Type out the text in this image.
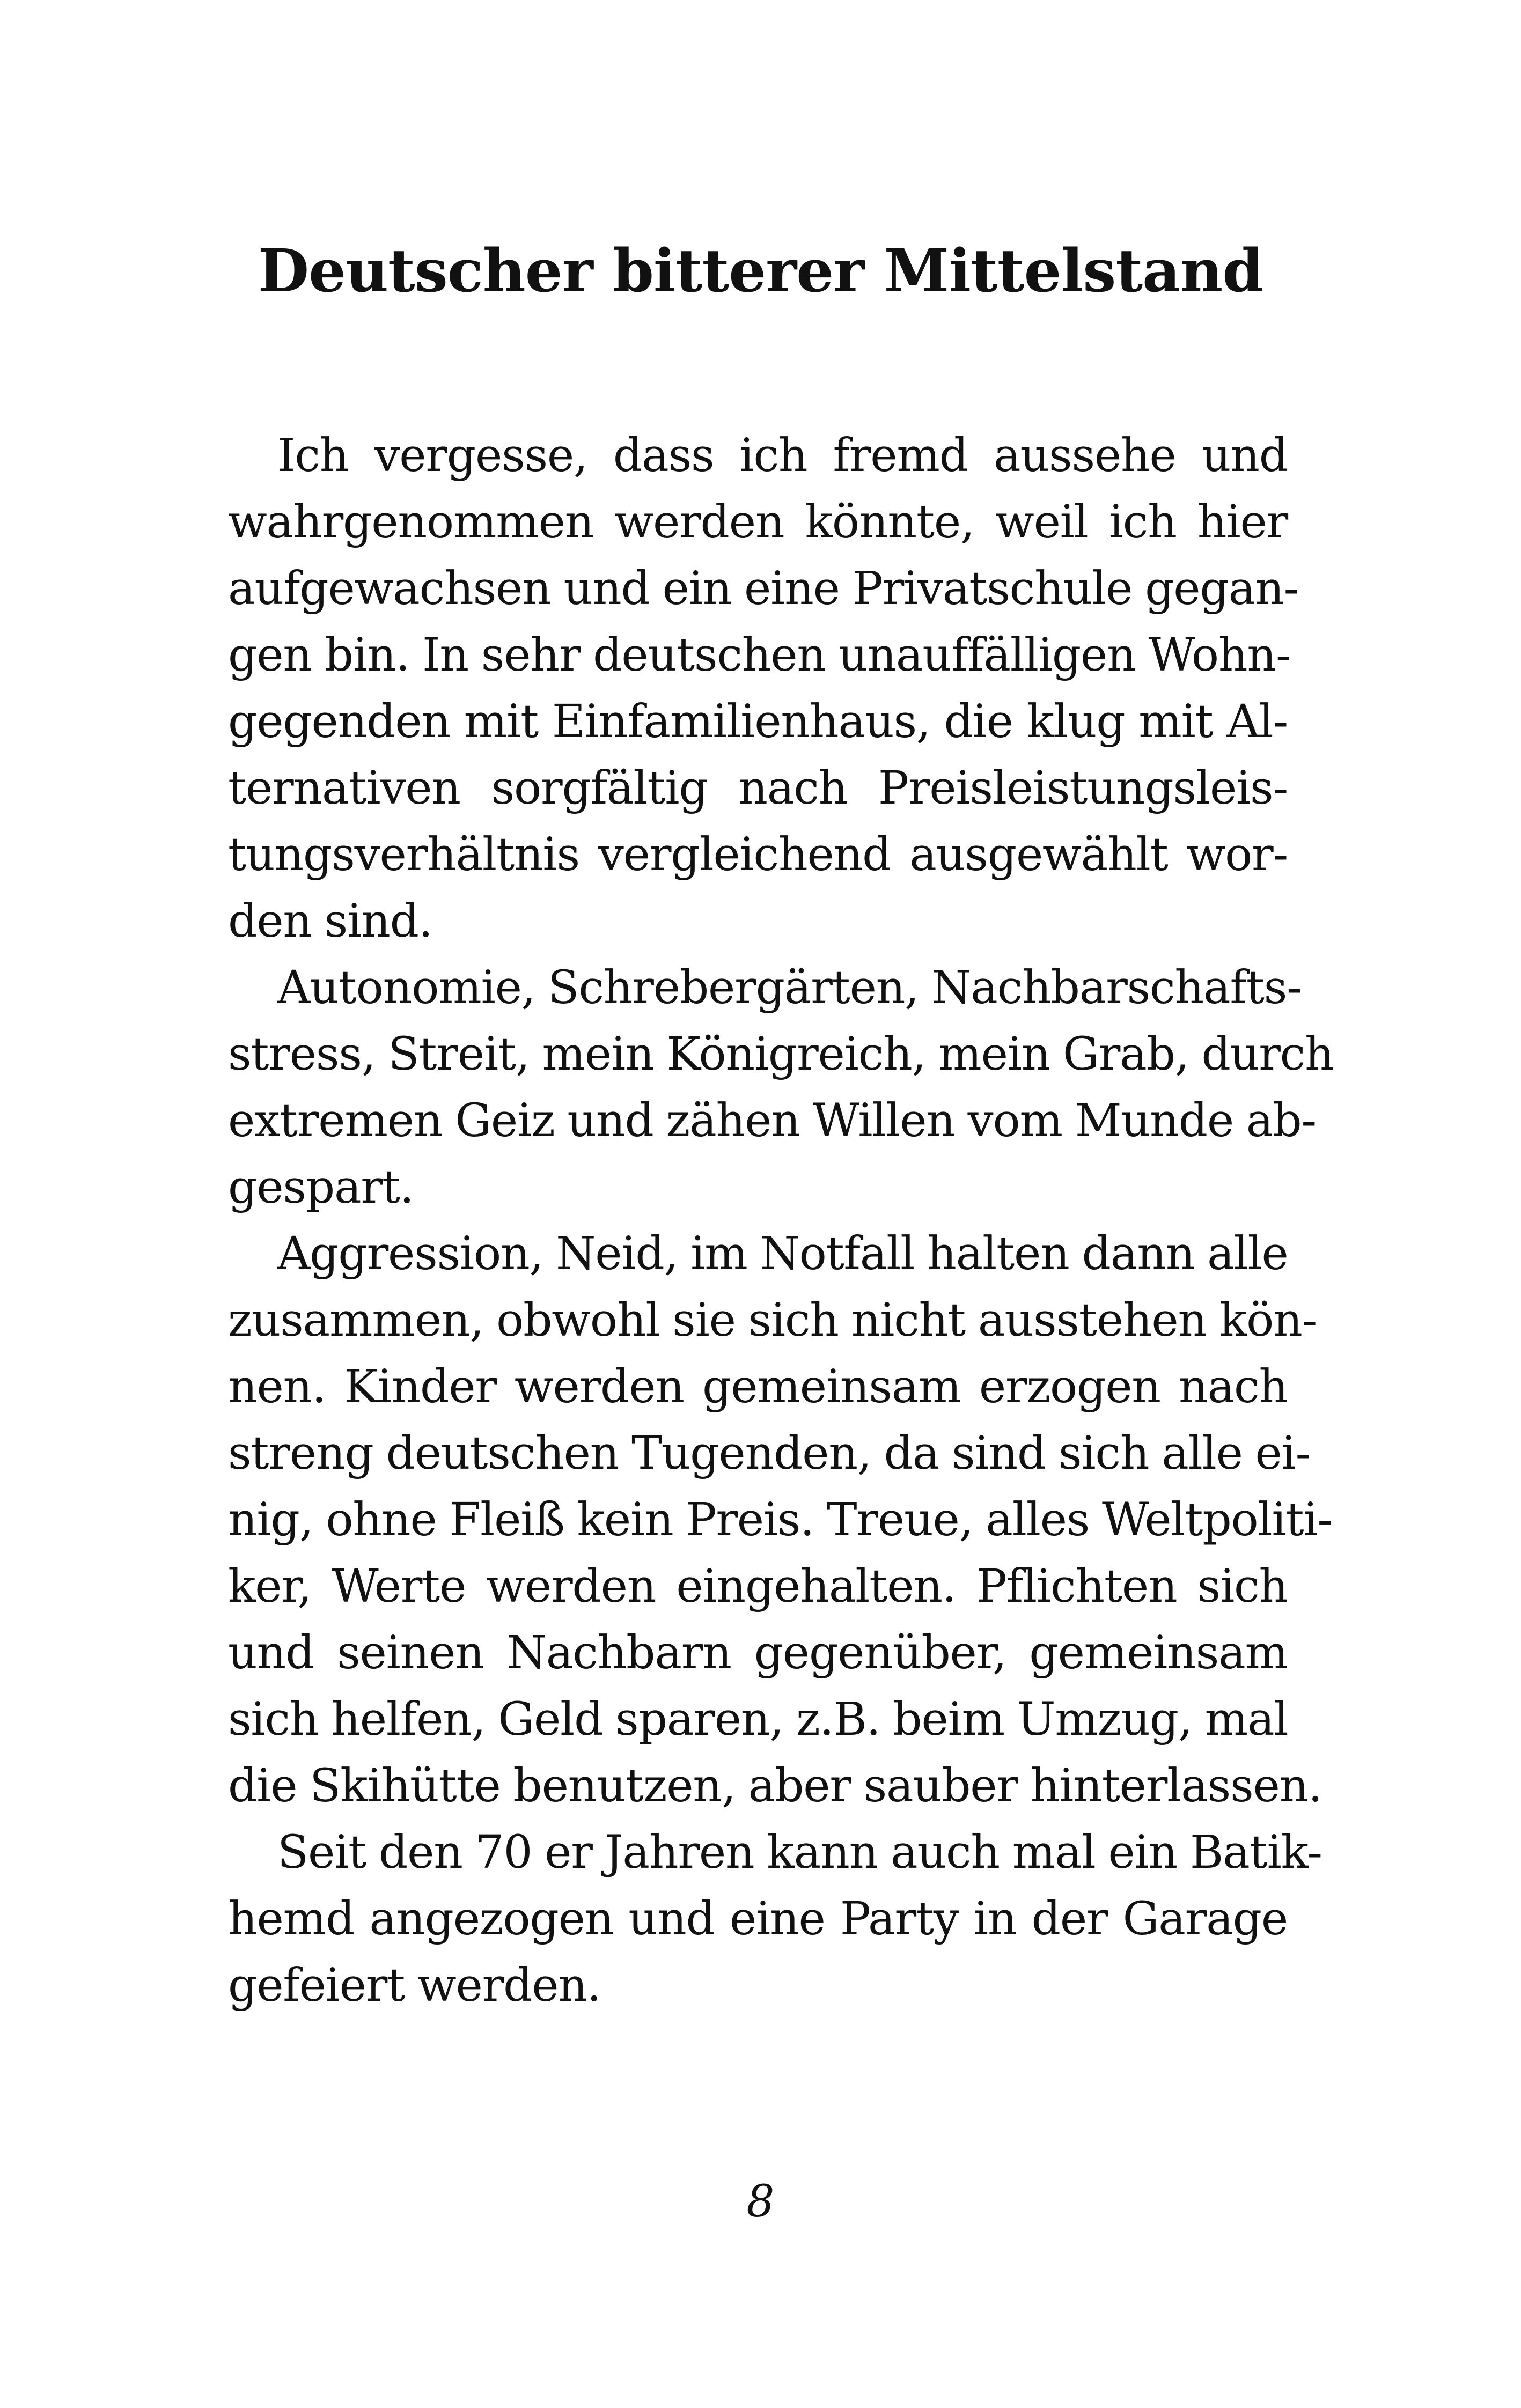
Deutscher bitterer Mittelstand

Ich vergesse, dass ich fremd aussehe und
wahrgenommen werden könnte, weil ich hier
aufgewachsen und ein eine Privatschule gegan-
gen bin. In sehr deutschen unauffälligen Wohn-
gegenden mit Einfamilienhaus, die klug mit Al-
ternativen sorgfältig nach Preisleistungsleis-
tungsverhältnis vergleichend ausgewählt wor-
den sind.

Autonomie, Schrebergärten, Nachbarschafts-
stress, Streit, mein Königreich, mein Grab, durch
extremen Geiz und zähen Willen vom Munde ab-
gespart.

Aggression, Neid, im Notfall halten dann alle
zusammen, obwohl sie sich nicht ausstehen kön-
nen. Kinder werden gemeinsam erzogen nach
streng deutschen Tugenden, da sind sich alle ei-
nig, ohne Fleiß kein Preis. Treue, alles Weltpoliti-
ker, Werte werden eingehalten. Pflichten sich
und seinen Nachbarn gegenüber, gemeinsam
sich helfen, Geld sparen, z.B. beim Umzug, mal
die Skihütte benutzen, aber sauber hinterlassen.

Seit den 70 er Jahren kann auch mal ein Batik-
hemd angezogen und eine Party in der Garage
gefeiert werden.

8
